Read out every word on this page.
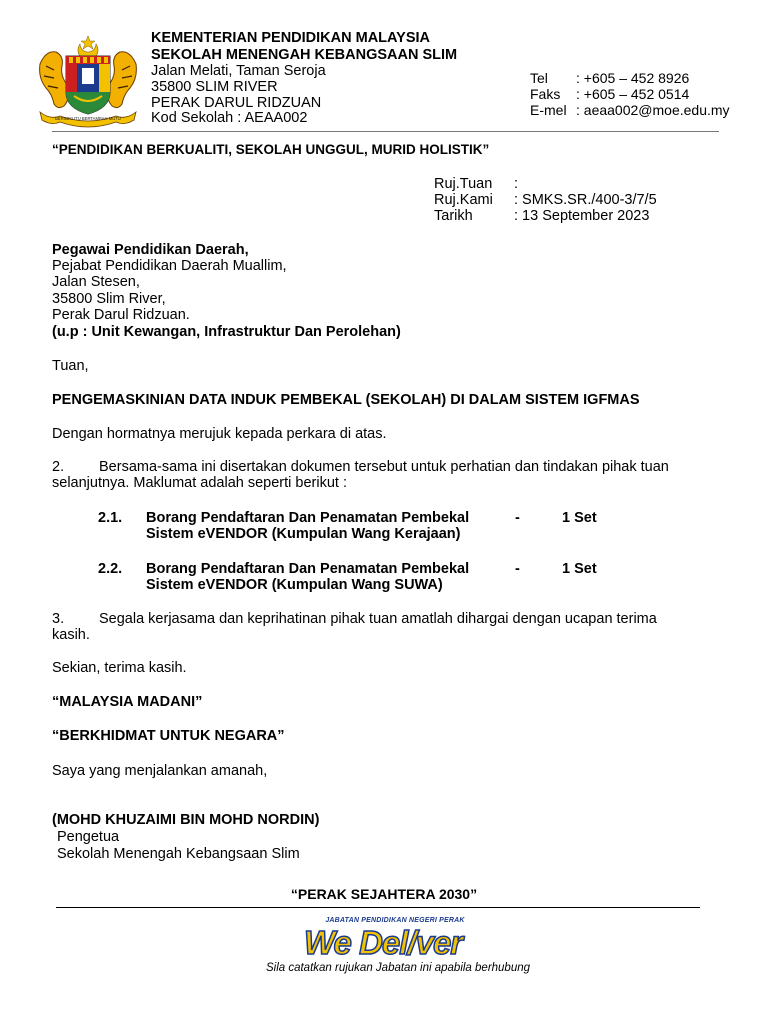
BERSEKUTU BERTAMBAH MUTU
KEMENTERIAN PENDIDIKAN MALAYSIA
SEKOLAH MENENGAH KEBANGSAAN SLIM
Jalan Melati, Taman Seroja
35800 SLIM RIVER
PERAK DARUL RIDZUAN
Kod Sekolah : AEAA002
Tel : +605 – 452 8926
Faks : +605 – 452 0514
E-mel : aeaa002@moe.edu.my
“PENDIDIKAN BERKUALITI, SEKOLAH UNGGUL, MURID HOLISTIK”
Ruj.Tuan :
Ruj.Kami : SMKS.SR./400-3/7/5
Tarikh	: 13 September 2023
Pegawai Pendidikan Daerah,
Pejabat Pendidikan Daerah Muallim,
Jalan Stesen,
35800 Slim River,
Perak Darul Ridzuan.
(u.p : Unit Kewangan, Infrastruktur Dan Perolehan)
Tuan,
PENGEMASKINIAN DATA INDUK PEMBEKAL (SEKOLAH) DI DALAM SISTEM IGFMAS
Dengan hormatnya merujuk kepada perkara di atas.
2. Bersama-sama ini disertakan dokumen tersebut untuk perhatian dan tindakan pihak tuan
selanjutnya. Maklumat adalah seperti berikut :
2.1. Borang Pendaftaran Dan Penamatan Pembekal
Sistem eVENDOR (Kumpulan Wang Kerajaan)
-	1 Set
2.2. Borang Pendaftaran Dan Penamatan Pembekal
Sistem eVENDOR (Kumpulan Wang SUWA)
-	1 Set
3. Segala kerjasama dan keprihatinan pihak tuan amatlah dihargai dengan ucapan terima
kasih.
Sekian, terima kasih.
“MALAYSIA MADANI”
“BERKHIDMAT UNTUK NEGARA”
Saya yang menjalankan amanah,
(MOHD KHUZAIMI BIN MOHD NORDIN)
Pengetua
Sekolah Menengah Kebangsaan Slim
“PERAK SEJAHTERA 2030”
JABATAN PENDIDIKAN NEGERI PERAK
We Del/ver
Sila catatkan rujukan Jabatan ini apabila berhubung
